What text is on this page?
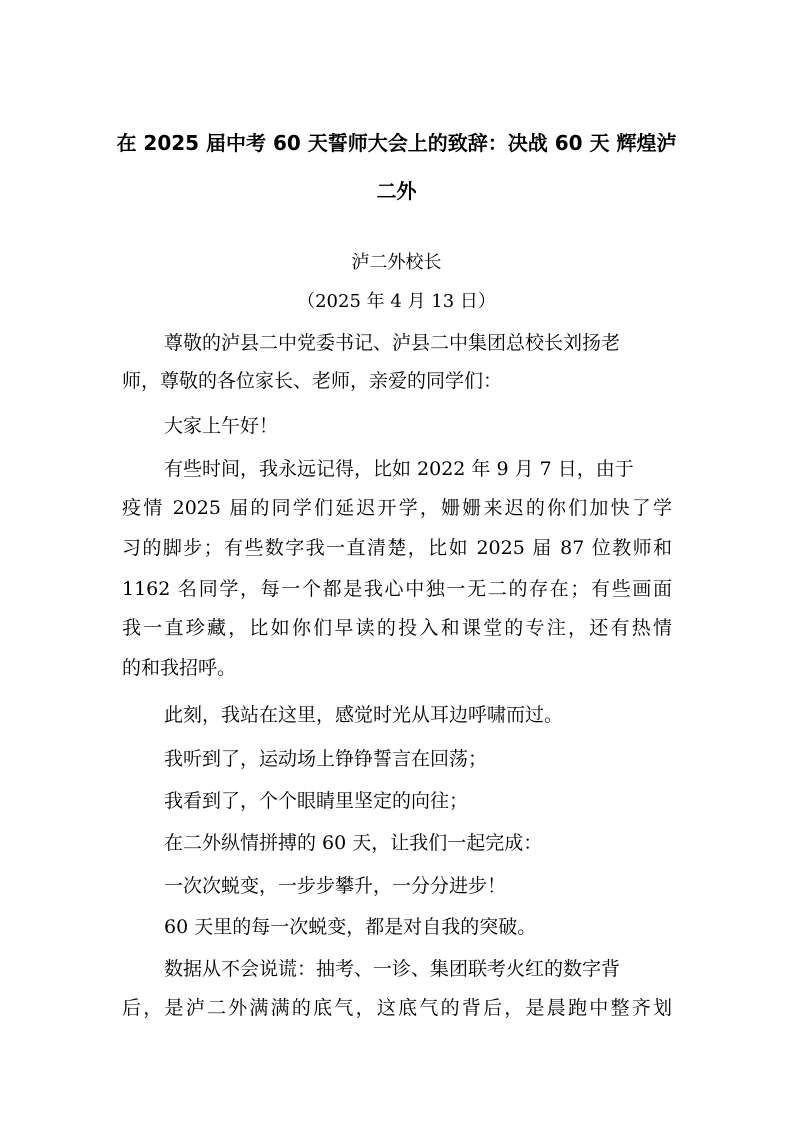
在 2025 届中考 60 天誓师大会上的致辞：决战 60 天 辉煌泸
二外
泸二外校长
（2025 年 4 月 13 日）
尊敬的泸县二中党委书记、泸县二中集团总校长刘扬老
师，尊敬的各位家长、老师，亲爱的同学们：
大家上午好！
有些时间，我永远记得，比如 2022 年 9 月 7 日，由于
疫情 2025 届的同学们延迟开学，姗姗来迟的你们加快了学
习的脚步；有些数字我一直清楚，比如 2025 届 87 位教师和
1162 名同学，每一个都是我心中独一无二的存在；有些画面
我一直珍藏，比如你们早读的投入和课堂的专注，还有热情
的和我招呼。
此刻，我站在这里，感觉时光从耳边呼啸而过。
我听到了，运动场上铮铮誓言在回荡；
我看到了，个个眼睛里坚定的向往；
在二外纵情拼搏的 60 天，让我们一起完成：
一次次蜕变，一步步攀升，一分分进步！
60 天里的每一次蜕变，都是对自我的突破。
数据从不会说谎：抽考、一诊、集团联考火红的数字背
后，是泸二外满满的底气，这底气的背后，是晨跑中整齐划
